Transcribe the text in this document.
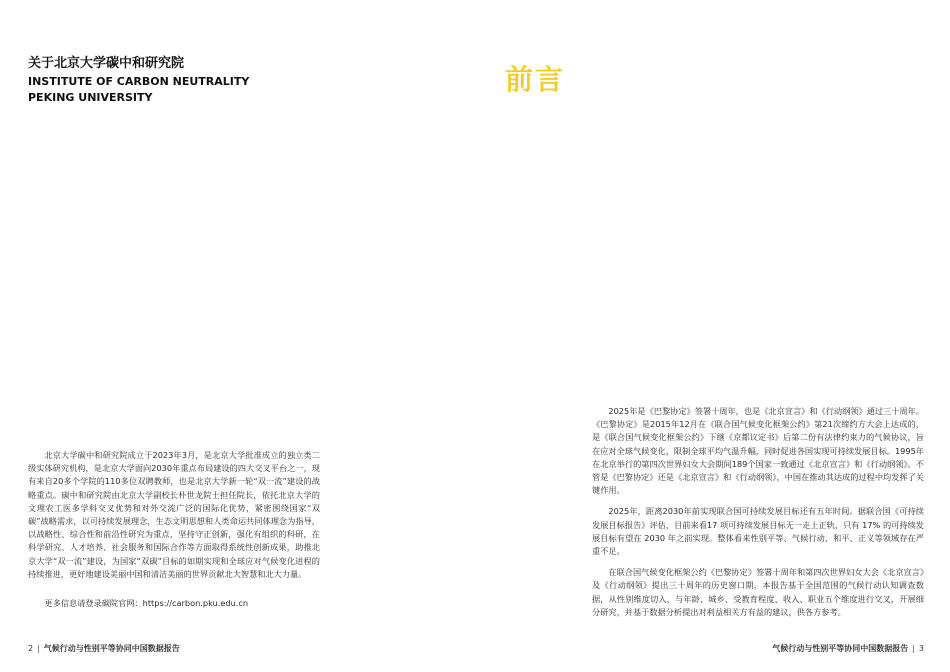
关于北京大学碳中和研究院
INSTITUTE OF CARBON NEUTRALITY
PEKING UNIVERSITY

北京大学碳中和研究院成立于2023年3月，是北京大学批准成立的独立类二级实体研究机构，是北京大学面向2030年重点布局建设的四大交叉平台之一，现有来自20多个学院的110多位双聘教师，也是北京大学新一轮“双一流”建设的战略重点。碳中和研究院由北京大学副校长朴世龙院士担任院长，依托北京大学的文理农工医多学科交叉优势和对外交流广泛的国际化优势，紧密围绕国家“双碳”战略需求，以可持续发展理念，生态文明思想和人类命运共同体理念为指导，以战略性、综合性和前沿性研究为重点，坚持守正创新，强化有组织的科研，在科学研究、人才培养、社会服务和国际合作等方面取得系统性创新成果，助推北京大学“双一流”建设，为国家“双碳”目标的如期实现和全球应对气候变化进程的持续推进，更好地建设美丽中国和清洁美丽的世界贡献北大智慧和北大力量。

更多信息请登录碳院官网：https://carbon.pku.edu.cn
2 | 气候行动与性别平等协同中国数据报告
前言

2025年是《巴黎协定》签署十周年，也是《北京宣言》和《行动纲领》通过三十周年。《巴黎协定》是2015年12月在《联合国气候变化框架公约》第21次缔约方大会上达成的，是《联合国气候变化框架公约》下继《京都议定书》后第二份有法律约束力的气候协议，旨在应对全球气候变化，限制全球平均气温升幅，同时促进各国实现可持续发展目标。1995年在北京举行的第四次世界妇女大会期间189个国家一致通过《北京宣言》和《行动纲领》。不管是《巴黎协定》还是《北京宣言》和《行动纲领》，中国在推动其达成的过程中均发挥了关键作用。

2025年，距离2030年前实现联合国可持续发展目标还有五年时间。据联合国《可持续发展目标报告》评估，目前来看17 项可持续发展目标无一走上正轨，只有 17% 的可持续发展目标有望在 2030 年之前实现。整体看来性别平等、气候行动、和平、正义等领域存在严重不足。

在联合国气候变化框架公约《巴黎协定》签署十周年和第四次世界妇女大会《北京宣言》及《行动纲领》提出三十周年的历史窗口期，本报告基于全国范围的气候行动认知调查数据，从性别维度切入，与年龄、城乡、受教育程度、收入、职业五个维度进行交叉，开展细分研究，并基于数据分析提出对利益相关方有益的建议，供各方参考。

气候行动与性别平等协同中国数据报告 | 3
